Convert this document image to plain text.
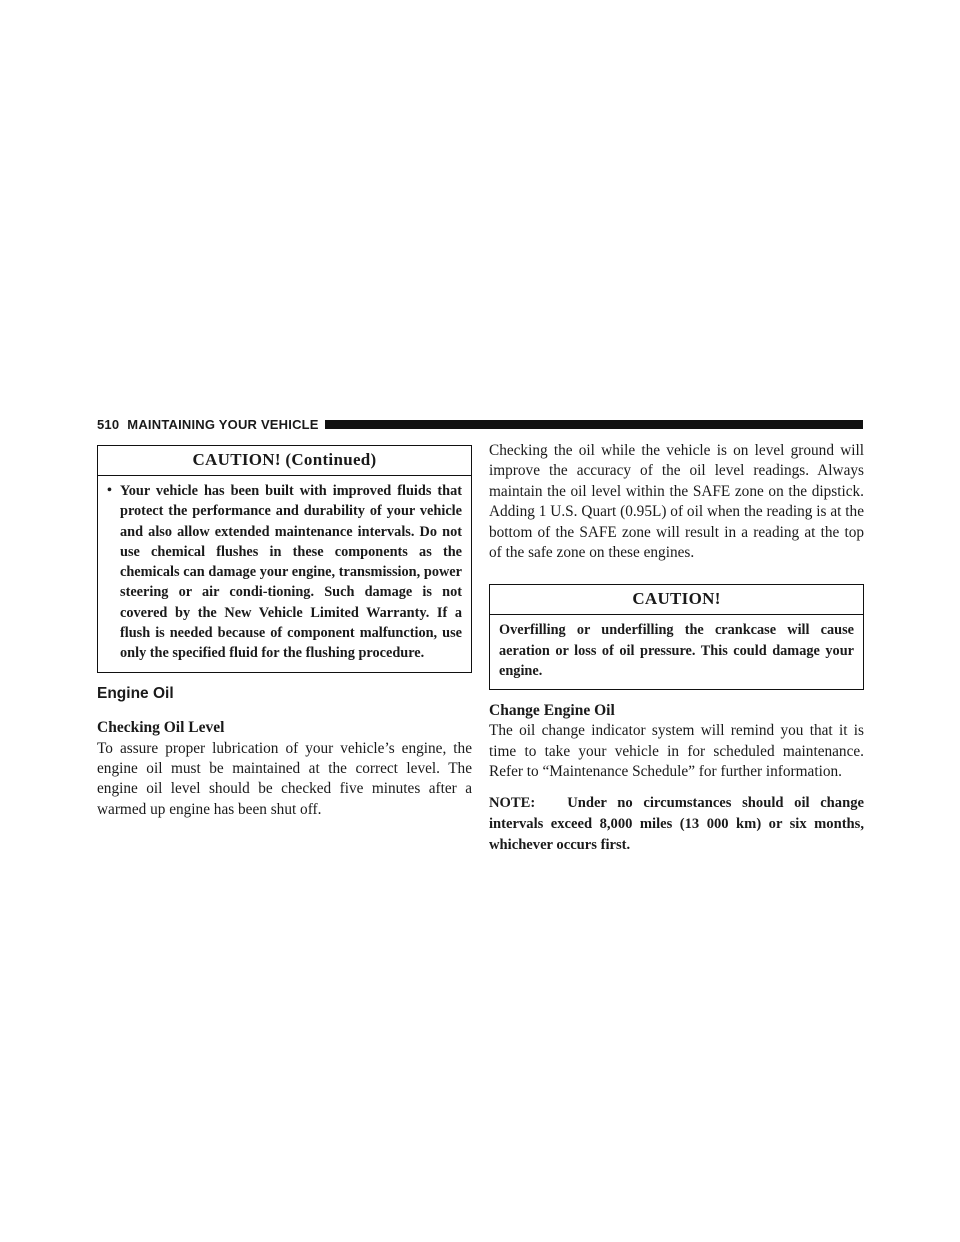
510 MAINTAINING YOUR VEHICLE
CAUTION! (Continued)
• Your vehicle has been built with improved fluids that protect the performance and durability of your vehicle and also allow extended maintenance intervals. Do not use chemical flushes in these components as the chemicals can damage your engine, transmission, power steering or air condi-tioning. Such damage is not covered by the New Vehicle Limited Warranty. If a flush is needed because of component malfunction, use only the specified fluid for the flushing procedure.
Engine Oil
Checking Oil Level

To assure proper lubrication of your vehicle’s engine, the engine oil must be maintained at the correct level. The engine oil level should be checked five minutes after a warmed up engine has been shut off.

Checking the oil while the vehicle is on level ground will improve the accuracy of the oil level readings. Always maintain the oil level within the SAFE zone on the dipstick. Adding 1 U.S. Quart (0.95L) of oil when the reading is at the bottom of the SAFE zone will result in a reading at the top of the safe zone on these engines.

CAUTION!
Overfilling or underfilling the crankcase will cause aeration or loss of oil pressure. This could damage your engine.
Change Engine Oil

The oil change indicator system will remind you that it is time to take your vehicle in for scheduled maintenance. Refer to “Maintenance Schedule” for further information.

NOTE: Under no circumstances should oil change intervals exceed 8,000 miles (13 000 km) or six months, whichever occurs first.
